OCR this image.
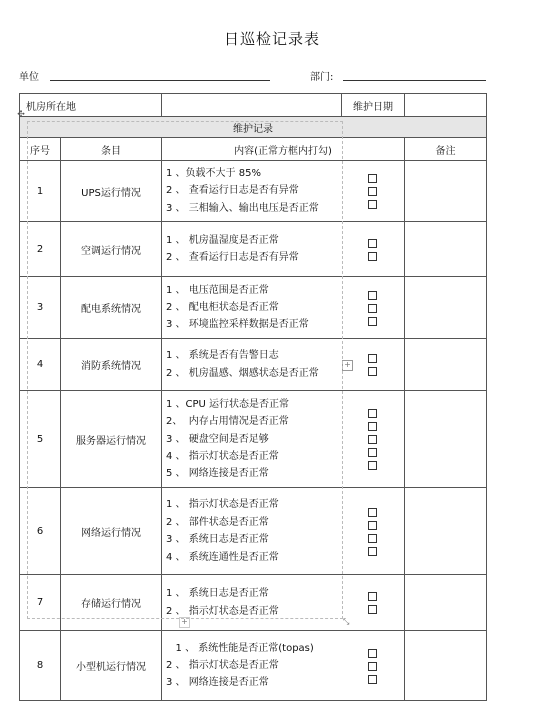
日巡检记录表
单位	部门:
机房所在地			维护日期	
维护记录				
序号	条目	内容(正常方框内打勾)		备注
1	UPS运行情况	1 、负载不大于 85%
2 、 查看运行日志是否有异常
3 、 三相输入、输出电压是否正常		

2	空调运行情况	1 、 机房温湿度是否正常
2 、 查看运行日志是否有异常		

3	配电系统情况	1 、 电压范围是否正常
2 、 配电柜状态是否正常
3 、 环境监控采样数据是否正常		

4	消防系统情况	1 、 系统是否有告警日志
2 、 机房温感、烟感状态是否正常		

5	服务器运行情况	1 、CPU 运行状态是否正常
2、  内存占用情况是否正常
3 、 硬盘空间是否足够
4 、 指示灯状态是否正常
5 、 网络连接是否正常		

6	网络运行情况	1 、 指示灯状态是否正常
2 、 部件状态是否正常
3 、 系统日志是否正常
4 、 系统连通性是否正常		

7	存储运行情况	1 、 系统日志是否正常
2 、 指示灯状态是否正常		

8	小型机运行情况	1 、 系统性能是否正常(topas)
2 、 指示灯状态是否正常
3 、 网络连接是否正常		

✣
+
+	⤡
